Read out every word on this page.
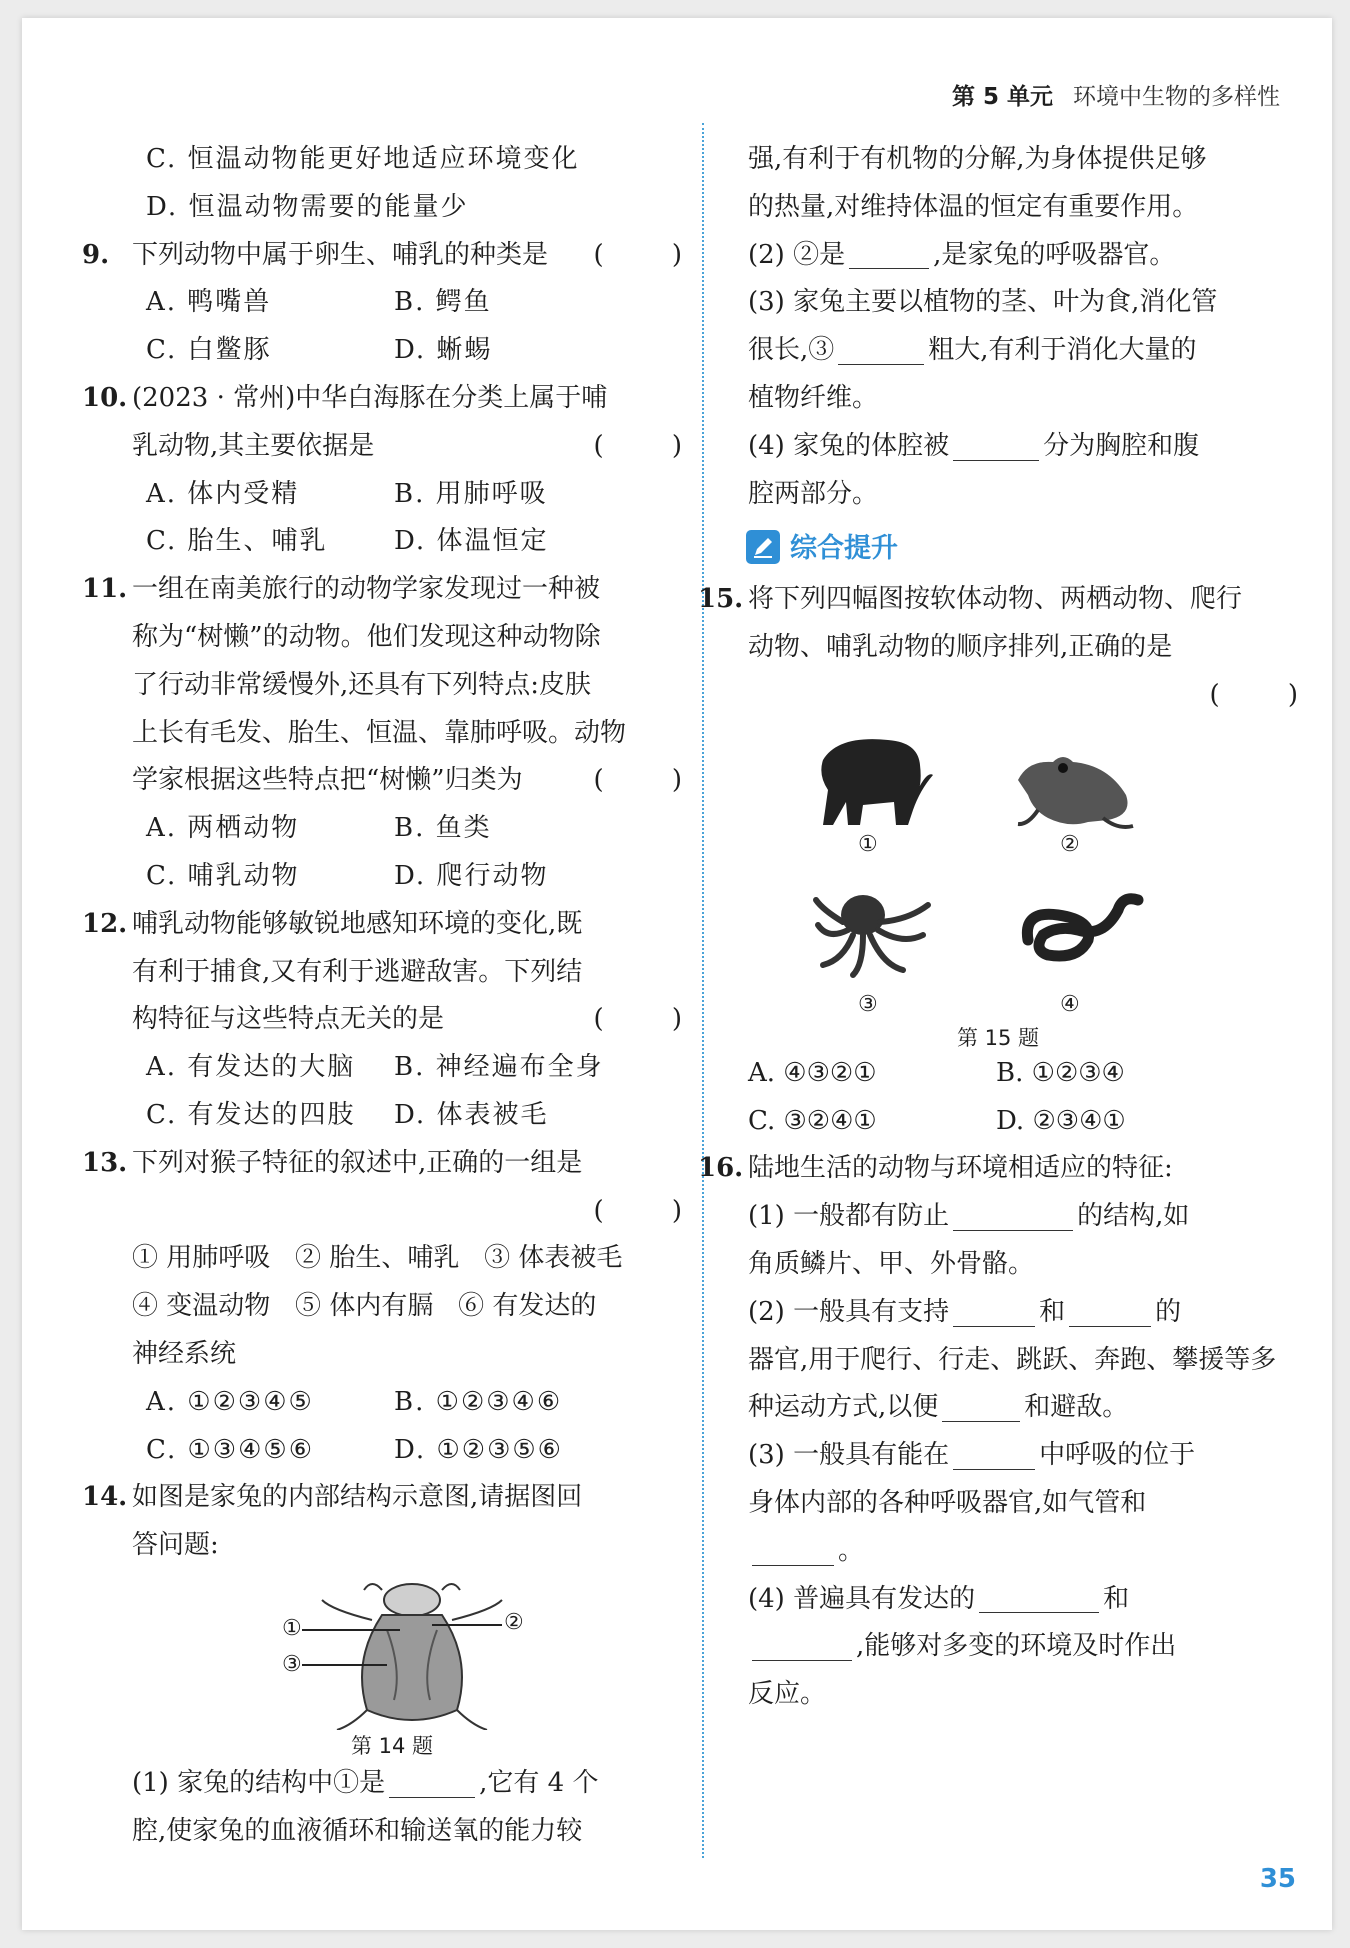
第 5 单元 环境中生物的多样性
C. 恒温动物能更好地适应环境变化
D. 恒温动物需要的能量少
9. 下列动物中属于卵生、哺乳的种类是 ( )
A. 鸭嘴兽	B. 鳄鱼
C. 白鳖豚	D. 蜥蜴
10. (2023 · 常州)中华白海豚在分类上属于哺
乳动物,其主要依据是	( )
A. 体内受精	B. 用肺呼吸
C. 胎生、哺乳	D. 体温恒定
11. 一组在南美旅行的动物学家发现过一种被
称为“树懒”的动物。他们发现这种动物除
了行动非常缓慢外,还具有下列特点:皮肤
上长有毛发、胎生、恒温、靠肺呼吸。动物
学家根据这些特点把“树懒”归类为	( )
A. 两栖动物	B. 鱼类
C. 哺乳动物	D. 爬行动物
12. 哺乳动物能够敏锐地感知环境的变化,既
有利于捕食,又有利于逃避敌害。下列结
构特征与这些特点无关的是	( )
A. 有发达的大脑 B. 神经遍布全身
C. 有发达的四肢 D. 体表被毛
13. 下列对猴子特征的叙述中,正确的一组是
( )
① 用肺呼吸   ② 胎生、哺乳   ③ 体表被毛
④ 变温动物   ⑤ 体内有膈   ⑥ 有发达的
神经系统
A. ①②③④⑤	B. ①②③④⑥
C. ①③④⑤⑥	D. ①②③⑤⑥
14. 如图是家兔的内部结构示意图,请据图回
答问题:
①	②
③
第 14 题
(1) 家兔的结构中①是	,它有 4 个
腔,使家兔的血液循环和输送氧的能力较
强,有利于有机物的分解,为身体提供足够
的热量,对维持体温的恒定有重要作用。
(2) ②是	,是家兔的呼吸器官。
(3) 家兔主要以植物的茎、叶为食,消化管
很长,③	粗大,有利于消化大量的
植物纤维。
(4) 家兔的体腔被	分为胸腔和腹
腔两部分。
综合提升
15. 将下列四幅图按软体动物、两栖动物、爬行
动物、哺乳动物的顺序排列,正确的是
( )
①	②
③	④
第 15 题
A. ④③②①	B. ①②③④
C. ③②④①	D. ②③④①
16. 陆地生活的动物与环境相适应的特征:
(1) 一般都有防止	的结构,如
角质鳞片、甲、外骨骼。
(2) 一般具有支持	和	的
器官,用于爬行、行走、跳跃、奔跑、攀援等多
种运动方式,以便	和避敌。
(3) 一般具有能在	中呼吸的位于
身体内部的各种呼吸器官,如气管和
。
(4) 普遍具有发达的	和
,能够对多变的环境及时作出
反应。
35
